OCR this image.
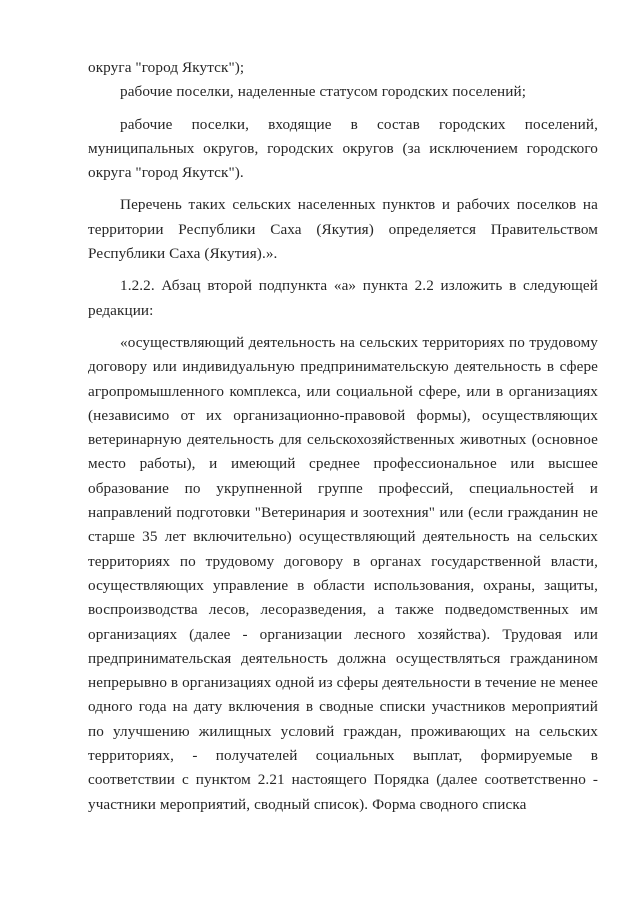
округа "город Якутск");

рабочие поселки, наделенные статусом городских поселений;

рабочие поселки, входящие в состав городских поселений, муниципальных округов, городских округов (за исключением городского округа "город Якутск").

Перечень таких сельских населенных пунктов и рабочих поселков на территории Республики Саха (Якутия) определяется Правительством Республики Саха (Якутия).».

1.2.2. Абзац второй подпункта «а» пункта 2.2 изложить в следующей редакции:

«осуществляющий деятельность на сельских территориях по трудовому договору или индивидуальную предпринимательскую деятельность в сфере агропромышленного комплекса, или социальной сфере, или в организациях (независимо от их организационно-правовой формы), осуществляющих ветеринарную деятельность для сельскохозяйственных животных (основное место работы), и имеющий среднее профессиональное или высшее образование по укрупненной группе профессий, специальностей и направлений подготовки "Ветеринария и зоотехния" или (если гражданин не старше 35 лет включительно) осуществляющий деятельность на сельских территориях по трудовому договору в органах государственной власти, осуществляющих управление в области использования, охраны, защиты, воспроизводства лесов, лесоразведения, а также подведомственных им организациях (далее - организации лесного хозяйства). Трудовая или предпринимательская деятельность должна осуществляться гражданином непрерывно в организациях одной из сферы деятельности в течение не менее одного года на дату включения в сводные списки участников мероприятий по улучшению жилищных условий граждан, проживающих на сельских территориях, - получателей социальных выплат, формируемые в соответствии с пунктом 2.21 настоящего Порядка (далее соответственно - участники мероприятий, сводный список). Форма сводного списка
